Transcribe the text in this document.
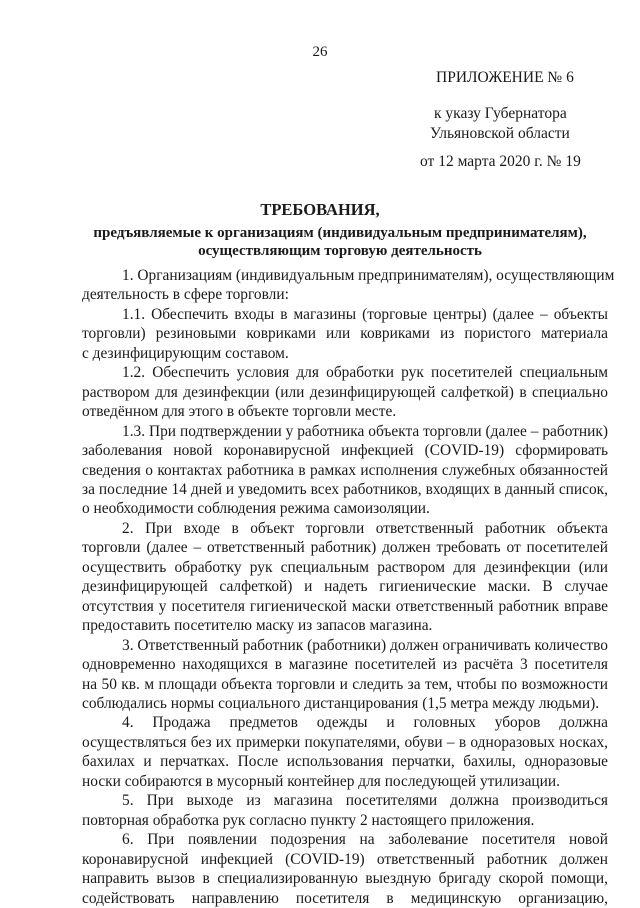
26
ПРИЛОЖЕНИЕ № 6
к указу Губернатора
Ульяновской области
от 12 марта 2020 г. № 19
ТРЕБОВАНИЯ,
предъявляемые к организациям (индивидуальным предпринимателям),
осуществляющим торговую деятельность
1. Организациям (индивидуальным предпринимателям), осуществляющим
деятельность в сфере торговли:
1.1. Обеспечить входы в магазины (торговые центры) (далее – объекты
торговли) резиновыми ковриками или ковриками из пористого материала
с дезинфицирующим составом.
1.2. Обеспечить условия для обработки рук посетителей специальным
раствором для дезинфекции (или дезинфицирующей салфеткой) в специально
отведённом для этого в объекте торговли месте.
1.3. При подтверждении у работника объекта торговли (далее – работник)
заболевания новой коронавирусной инфекцией (COVID-19) сформировать
сведения о контактах работника в рамках исполнения служебных обязанностей
за последние 14 дней и уведомить всех работников, входящих в данный список,
о необходимости соблюдения режима самоизоляции.
2. При входе в объект торговли ответственный работник объекта
торговли (далее – ответственный работник) должен требовать от посетителей
осуществить обработку рук специальным раствором для дезинфекции (или
дезинфицирующей салфеткой) и надеть гигиенические маски. В случае
отсутствия у посетителя гигиенической маски ответственный работник вправе
предоставить посетителю маску из запасов магазина.
3. Ответственный работник (работники) должен ограничивать количество
одновременно находящихся в магазине посетителей из расчёта 3 посетителя
на 50 кв. м площади объекта торговли и следить за тем, чтобы по возможности
соблюдались нормы социального дистанцирования (1,5 метра между людьми).
4. Продажа предметов одежды и головных уборов должна
осуществляться без их примерки покупателями, обуви – в одноразовых носках,
бахилах и перчатках. После использования перчатки, бахилы, одноразовые
носки собираются в мусорный контейнер для последующей утилизации.
5. При выходе из магазина посетителями должна производиться
повторная обработка рук согласно пункту 2 настоящего приложения.
6. При появлении подозрения на заболевание посетителя новой
коронавирусной инфекцией (COVID-19) ответственный работник должен
направить вызов в специализированную выездную бригаду скорой помощи,
содействовать направлению посетителя в медицинскую организацию,
